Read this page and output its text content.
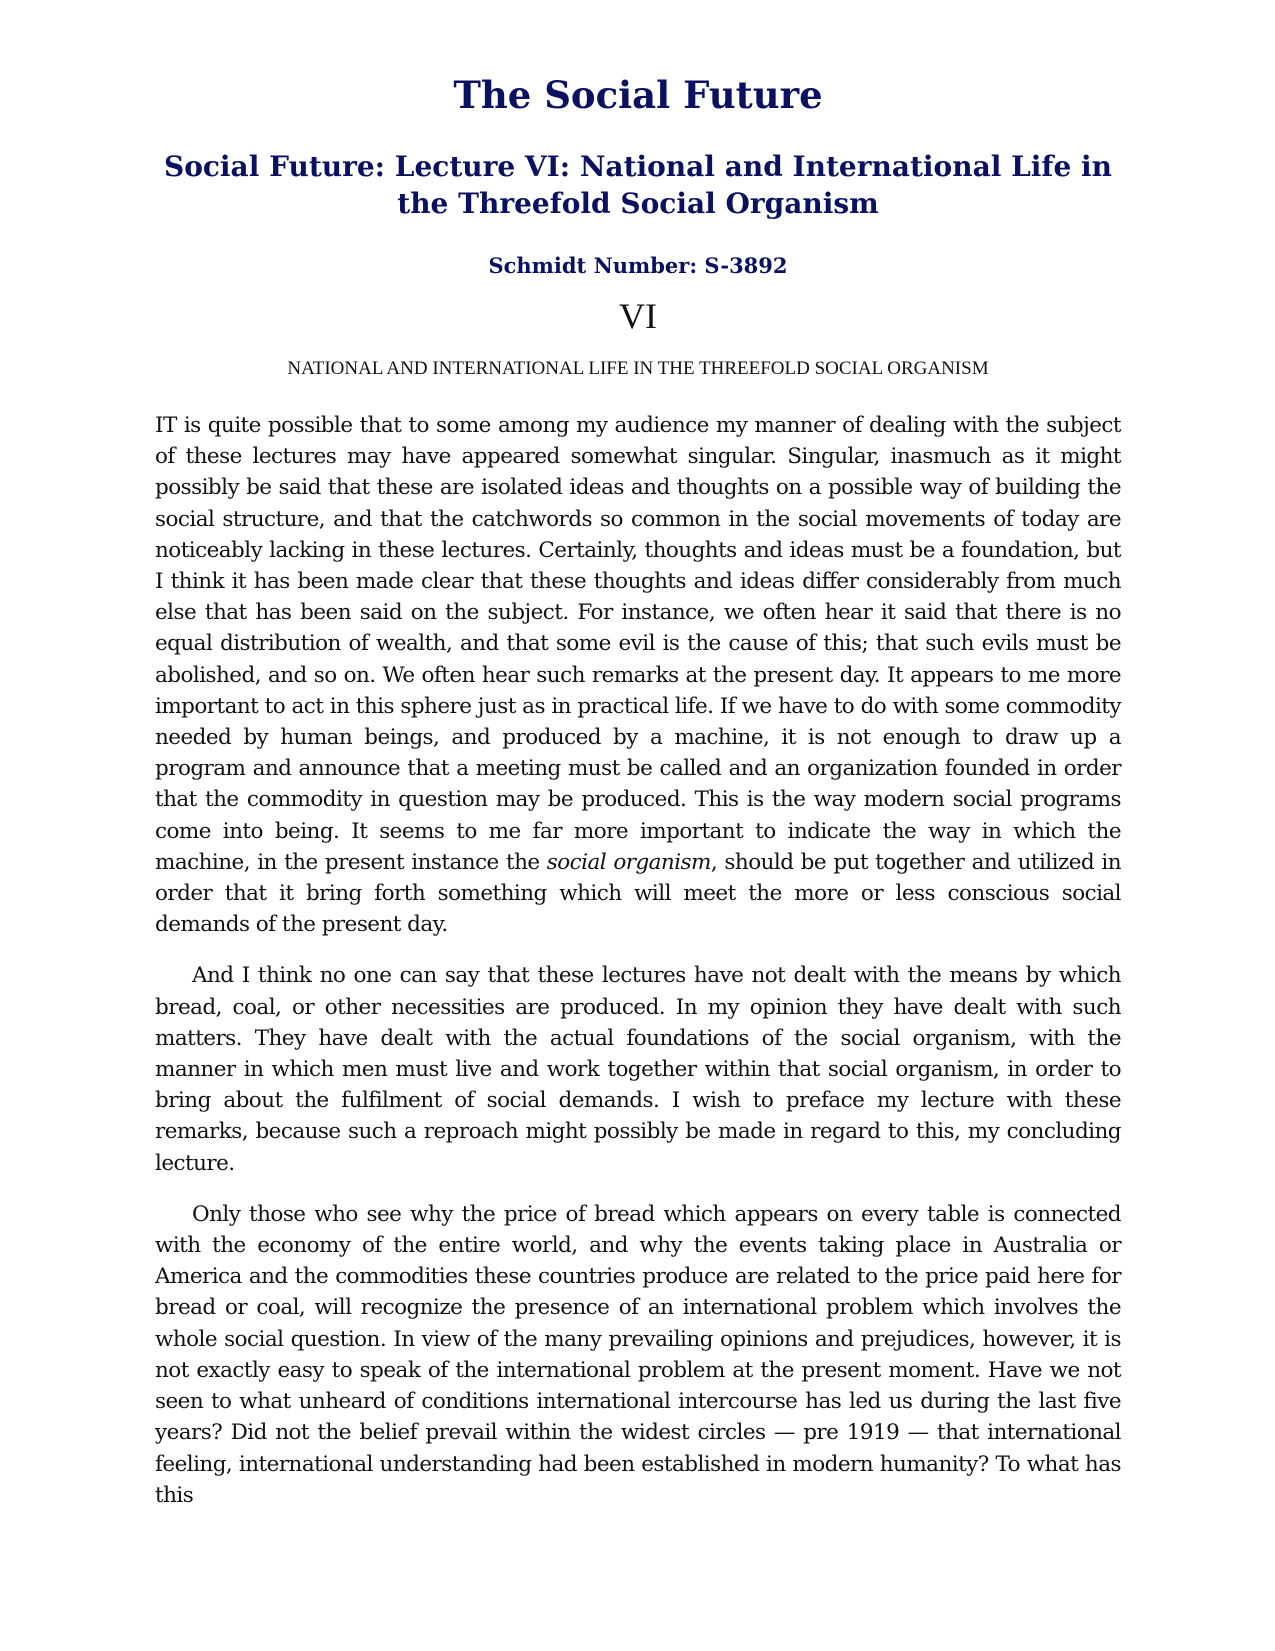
The Social Future
Social Future: Lecture VI: National and International Life in the Threefold Social Organism
Schmidt Number: S-3892
VI
NATIONAL AND INTERNATIONAL LIFE IN THE THREEFOLD SOCIAL ORGANISM

IT is quite possible that to some among my audience my manner of dealing with the subject of these lectures may have appeared somewhat singular. Singular, inasmuch as it might possibly be said that these are isolated ideas and thoughts on a possible way of building the social structure, and that the catchwords so common in the social movements of today are noticeably lacking in these lectures. Certainly, thoughts and ideas must be a foundation, but I think it has been made clear that these thoughts and ideas differ considerably from much else that has been said on the subject. For instance, we often hear it said that there is no equal distribution of wealth, and that some evil is the cause of this; that such evils must be abolished, and so on. We often hear such remarks at the present day. It appears to me more important to act in this sphere just as in practical life. If we have to do with some commodity needed by human beings, and produced by a machine, it is not enough to draw up a program and announce that a meeting must be called and an organization founded in order that the commodity in question may be produced. This is the way modern social programs come into being. It seems to me far more important to indicate the way in which the machine, in the present instance the social organism, should be put together and utilized in order that it bring forth something which will meet the more or less conscious social demands of the present day.

And I think no one can say that these lectures have not dealt with the means by which bread, coal, or other necessities are produced. In my opinion they have dealt with such matters. They have dealt with the actual foundations of the social organism, with the manner in which men must live and work together within that social organism, in order to bring about the fulfilment of social demands. I wish to preface my lecture with these remarks, because such a reproach might possibly be made in regard to this, my concluding lecture.

Only those who see why the price of bread which appears on every table is connected with the economy of the entire world, and why the events taking place in Australia or America and the commodities these countries produce are related to the price paid here for bread or coal, will recognize the presence of an international problem which involves the whole social question. In view of the many prevailing opinions and prejudices, however, it is not exactly easy to speak of the international problem at the present moment. Have we not seen to what unheard of conditions international intercourse has led us during the last five years? Did not the belief prevail within the widest circles — pre 1919 — that international feeling, international understanding had been established in modern humanity? To what has this
